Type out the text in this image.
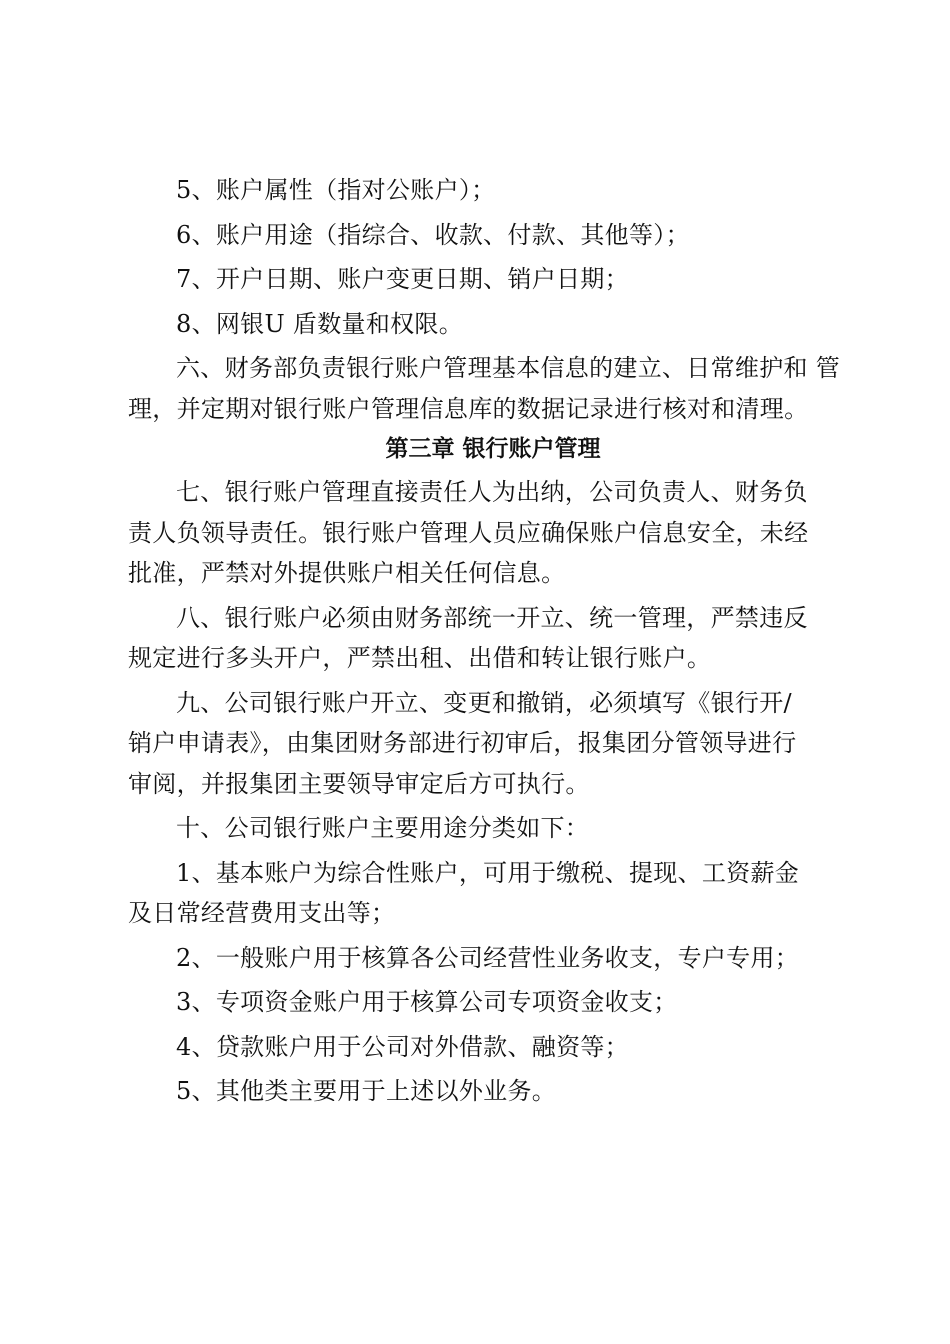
5、账户属性（指对公账户）；
6、账户用途（指综合、收款、付款、其他等）；
7、开户日期、账户变更日期、销户日期；
8、网银U 盾数量和权限。
六、财务部负责银行账户管理基本信息的建立、日常维护和 管
理，并定期对银行账户管理信息库的数据记录进行核对和清理。
第三章 银行账户管理
七、银行账户管理直接责任人为出纳，公司负责人、财务负
责人负领导责任。银行账户管理人员应确保账户信息安全，未经
批准，严禁对外提供账户相关任何信息。
八、银行账户必须由财务部统一开立、统一管理，严禁违反
规定进行多头开户，严禁出租、出借和转让银行账户。
九、公司银行账户开立、变更和撤销，必须填写《银行开/
销户申请表》，由集团财务部进行初审后，报集团分管领导进行
审阅，并报集团主要领导审定后方可执行。
十、公司银行账户主要用途分类如下：
1、基本账户为综合性账户，可用于缴税、提现、工资薪金
及日常经营费用支出等；
2、一般账户用于核算各公司经营性业务收支，专户专用；
3、专项资金账户用于核算公司专项资金收支；
4、贷款账户用于公司对外借款、融资等；
5、其他类主要用于上述以外业务。
